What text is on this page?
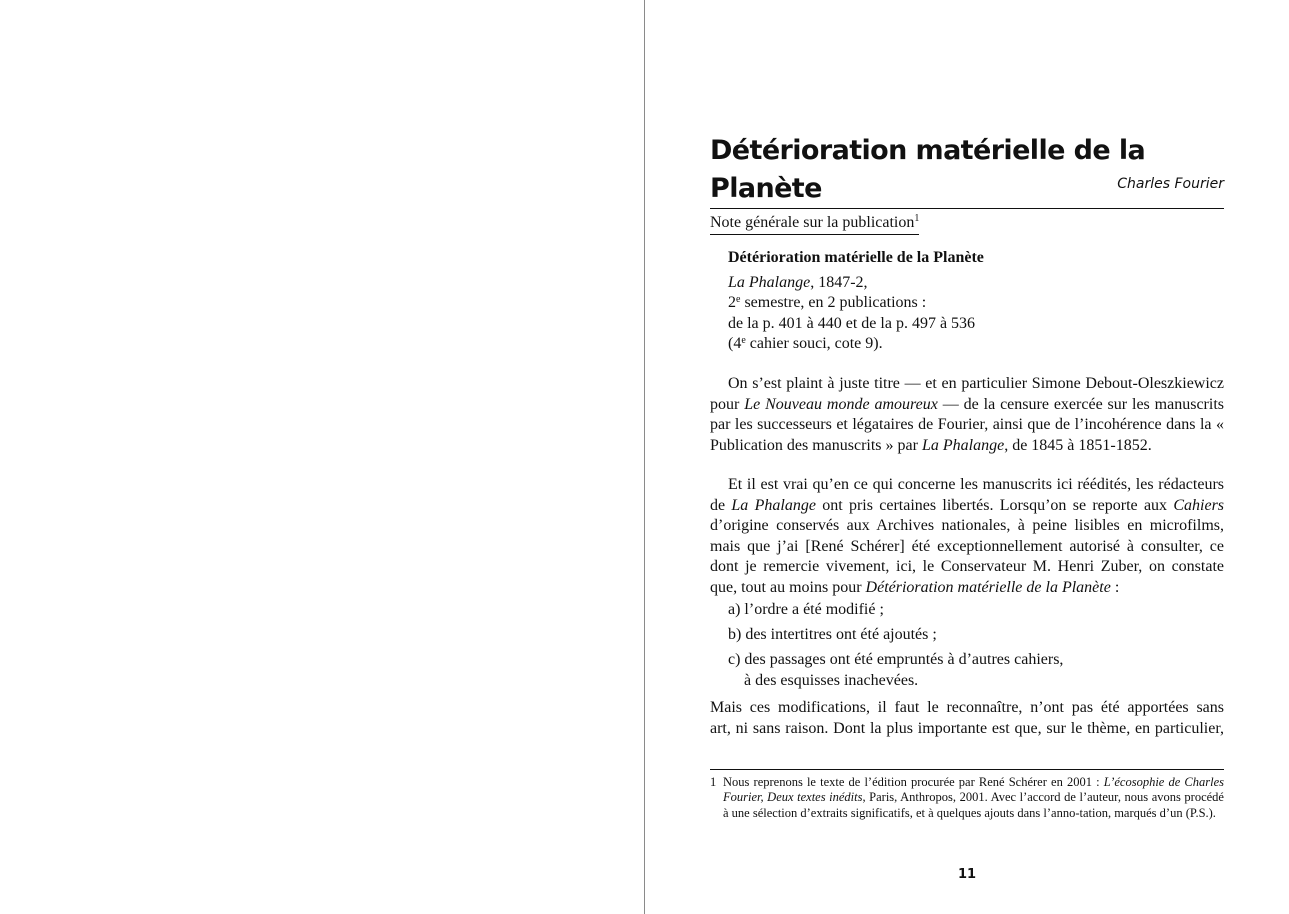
Détérioration matérielle de la Planète	Charles Fourier
Note générale sur la publication$^1$
Détérioration matérielle de la Planète
La Phalange, 1847-2,
2e semestre, en 2 publications :
de la p. 401 à 440 et de la p. 497 à 536
(4e cahier souci, cote 9).
On s’est plaint à juste titre — et en particulier Simone Debout-Oleszkiewicz pour Le Nouveau monde amoureux — de la censure exercée sur les manuscrits par les successeurs et légataires de Fourier, ainsi que de l’incohérence dans la « Publication des manuscrits » par La Phalange, de 1845 à 1851-1852.
Et il est vrai qu’en ce qui concerne les manuscrits ici réédités, les rédacteurs de La Phalange ont pris certaines libertés. Lorsqu’on se reporte aux Cahiers d’origine conservés aux Archives nationales, à peine lisibles en microfilms, mais que j’ai [René Schérer] été exceptionnellement autorisé à consulter, ce dont je remercie vivement, ici, le Conservateur M. Henri Zuber, on constate que, tout au moins pour Détérioration matérielle de la Planète :
a) l’ordre a été modifié ;
b) des intertitres ont été ajoutés ;
c) des passages ont été empruntés à d’autres cahiers,
à des esquisses inachevées.
Mais ces modifications, il faut le reconnaître, n’ont pas été apportées sans
art, ni sans raison. Dont la plus importante est que, sur le thème, en particulier,
1 Nous reprenons le texte de l’édition procurée par René Schérer en 2001 : L’écosophie de Charles Fourier, Deux textes inédits, Paris, Anthropos, 2001. Avec l’accord de l’auteur, nous avons procédé à une sélection d’extraits significatifs, et à quelques ajouts dans l’anno-tation, marqués d’un (P.S.).
11
